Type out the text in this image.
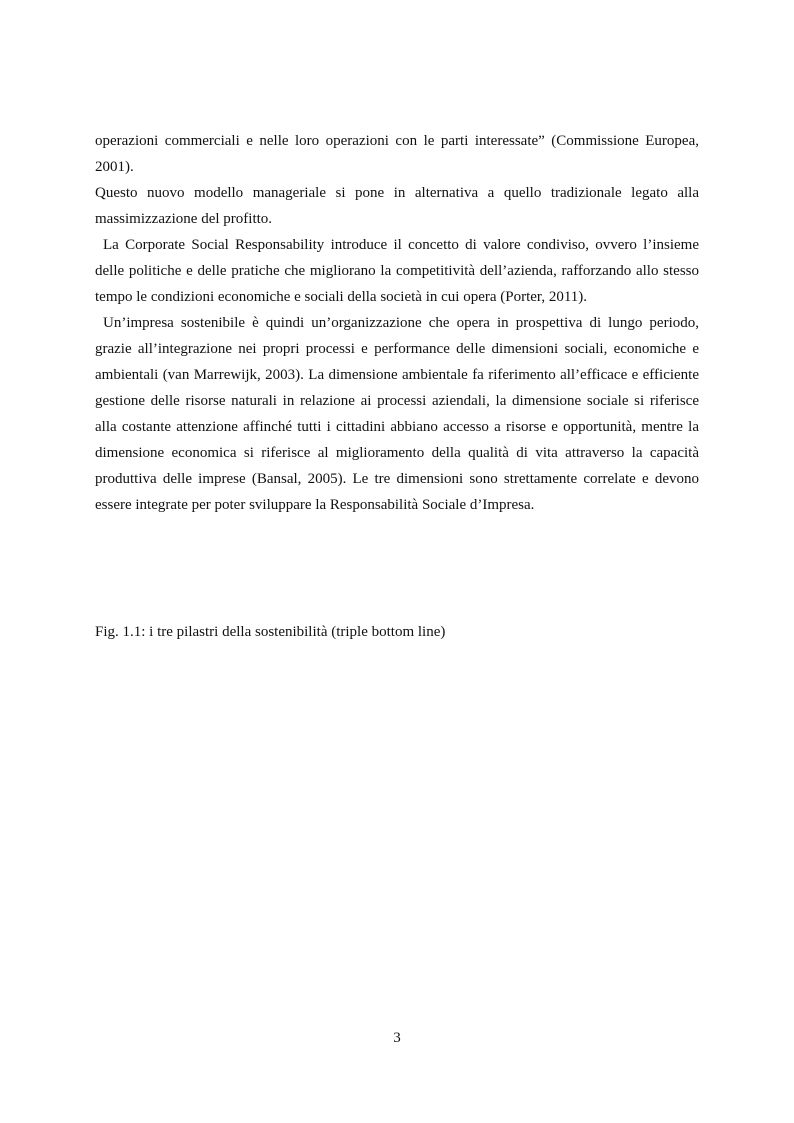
operazioni commerciali e nelle loro operazioni con le parti interessate” (Commissione Europea, 2001).

Questo nuovo modello manageriale si pone in alternativa a quello tradizionale legato alla massimizzazione del profitto.

La Corporate Social Responsability introduce il concetto di valore condiviso, ovvero l’insieme delle politiche e delle pratiche che migliorano la competitività dell’azienda, rafforzando allo stesso tempo le condizioni economiche e sociali della società in cui opera (Porter, 2011).

Un’impresa sostenibile è quindi un’organizzazione che opera in prospettiva di lungo periodo, grazie all’integrazione nei propri processi e performance delle dimensioni sociali, economiche e ambientali (van Marrewijk, 2003). La dimensione ambientale fa riferimento all’efficace e efficiente gestione delle risorse naturali in relazione ai processi aziendali, la dimensione sociale si riferisce alla costante attenzione affinché tutti i cittadini abbiano accesso a risorse e opportunità, mentre la dimensione economica si riferisce al miglioramento della qualità di vita attraverso la capacità produttiva delle imprese (Bansal, 2005). Le tre dimensioni sono strettamente correlate e devono essere integrate per poter sviluppare la Responsabilità Sociale d’Impresa.

Fig. 1.1: i tre pilastri della sostenibilità (triple bottom line)
3
